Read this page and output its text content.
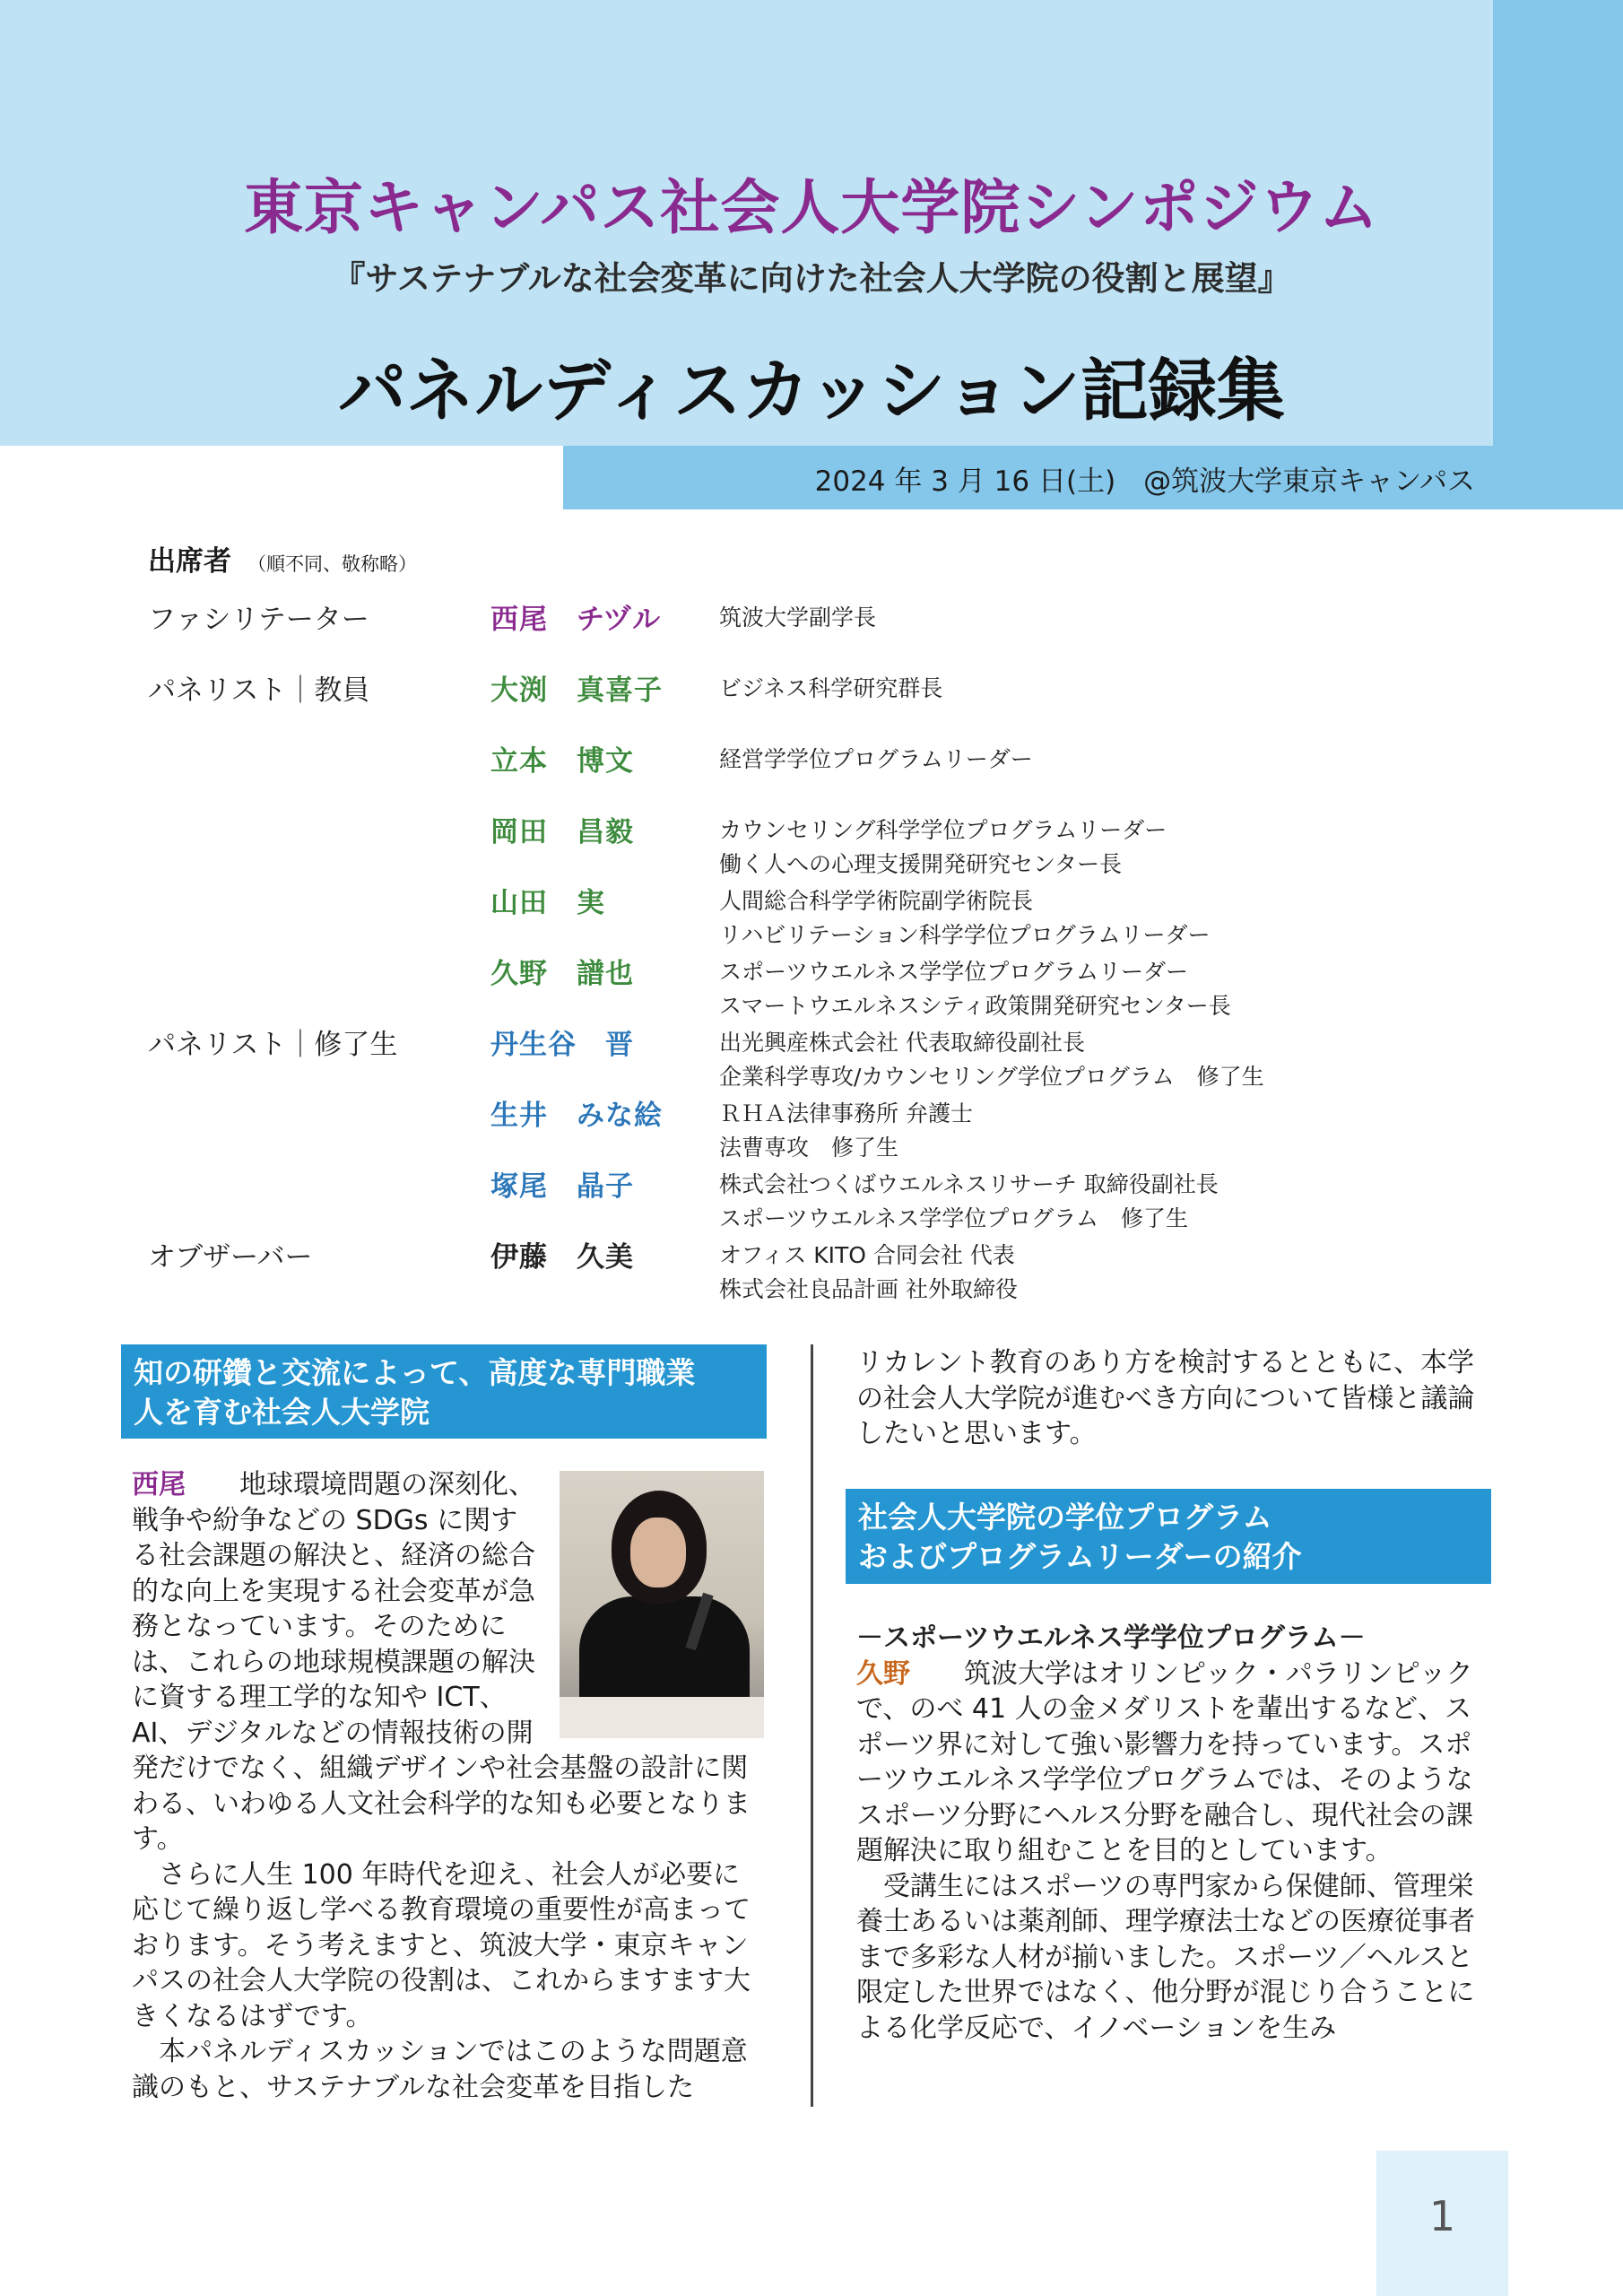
2024 年 3 月 16 日(土)　@筑波大学東京キャンパス
東京キャンパス社会人大学院シンポジウム
『サステナブルな社会変革に向けた社会人大学院の役割と展望』
パネルディスカッション記録集
出席者 （順不同、敬称略）
ファシリテーター	西尾　チヅル	筑波大学副学長
パネリスト｜教員	大渕　真喜子	ビジネス科学研究群長
立本　博文	経営学学位プログラムリーダー
岡田　昌毅	カウンセリング科学学位プログラムリーダー
働く人への心理支援開発研究センター長
山田　実	人間総合科学学術院副学術院長
リハビリテーション科学学位プログラムリーダー
久野　譜也	スポーツウエルネス学学位プログラムリーダー
スマートウエルネスシティ政策開発研究センター長
パネリスト｜修了生	丹生谷　晋	出光興産株式会社 代表取締役副社長
企業科学専攻/カウンセリング学位プログラム　修了生
生井　みな絵	ＲＨＡ法律事務所 弁護士
法曹専攻　修了生
塚尾　晶子	株式会社つくばウエルネスリサーチ 取締役副社長
スポーツウエルネス学学位プログラム　修了生
オブザーバー	伊藤　久美	オフィス KITO 合同会社 代表
株式会社良品計画 社外取締役
知の研鑽と交流によって、高度な専門職業
人を育む社会人大学院

西尾   地球環境問題の深刻化、戦争や紛争などの SDGs に関する社会課題の解決と、経済の総合的な向上を実現する社会変革が急務となっています。そのためには、これらの地球規模課題の解決に資する理工学的な知や ICT、AI、デジタルなどの情報技術の開発だけでなく、組織デザインや社会基盤の設計に関わる、いわゆる人文社会科学的な知も必要となります。

 さらに人生 100 年時代を迎え、社会人が必要に応じて繰り返し学べる教育環境の重要性が高まっております。そう考えますと、筑波大学・東京キャンパスの社会人大学院の役割は、これからますます大きくなるはずです。

 本パネルディスカッションではこのような問題意識のもと、サステナブルな社会変革を目指した

リカレント教育のあり方を検討するとともに、本学の社会人大学院が進むべき方向について皆様と議論したいと思います。

社会人大学院の学位プログラム
およびプログラムリーダーの紹介

－スポーツウエルネス学学位プログラム－

久野   筑波大学はオリンピック・パラリンピックで、のべ 41 人の金メダリストを輩出するなど、スポーツ界に対して強い影響力を持っています。スポーツウエルネス学学位プログラムでは、そのようなスポーツ分野にヘルス分野を融合し、現代社会の課題解決に取り組むことを目的としています。

 受講生にはスポーツの専門家から保健師、管理栄養士あるいは薬剤師、理学療法士などの医療従事者まで多彩な人材が揃いました。スポーツ／ヘルスと限定した世界ではなく、他分野が混じり合うことによる化学反応で、イノベーションを生み

1
